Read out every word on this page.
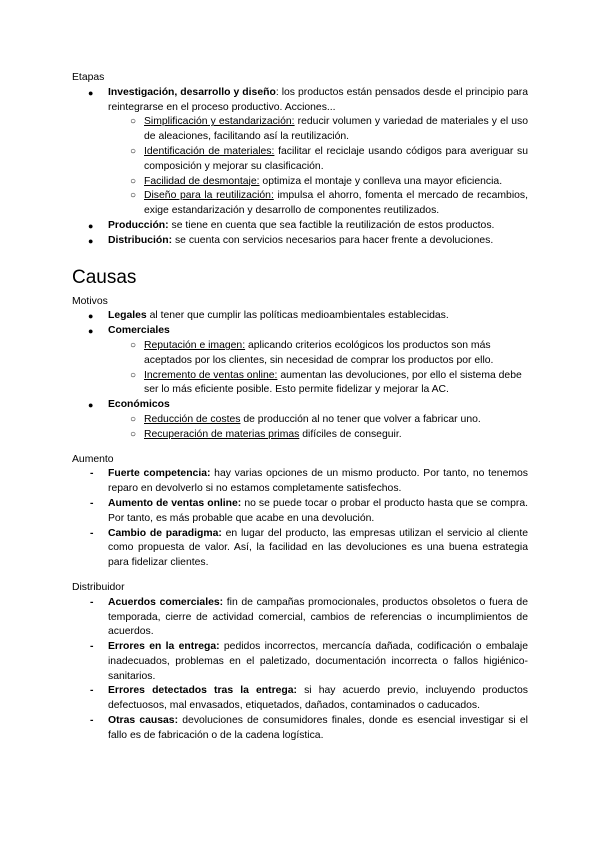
Etapas

● Investigación, desarrollo y diseño: los productos están pensados desde el principio para reintegrarse en el proceso productivo. Acciones...
○ Simplificación y estandarización: reducir volumen y variedad de materiales y el uso de aleaciones, facilitando así la reutilización.
○ Identificación de materiales: facilitar el reciclaje usando códigos para averiguar su composición y mejorar su clasificación.
○ Facilidad de desmontaje: optimiza el montaje y conlleva una mayor eficiencia.
○ Diseño para la reutilización: impulsa el ahorro, fomenta el mercado de recambios, exige estandarización y desarrollo de componentes reutilizados.
● Producción: se tiene en cuenta que sea factible la reutilización de estos productos.
● Distribución: se cuenta con servicios necesarios para hacer frente a devoluciones.
Causas

Motivos

● Legales al tener que cumplir las políticas medioambientales establecidas.
● Comerciales
○ Reputación e imagen: aplicando criterios ecológicos los productos son más aceptados por los clientes, sin necesidad de comprar los productos por ello.
○ Incremento de ventas online: aumentan las devoluciones, por ello el sistema debe ser lo más eficiente posible. Esto permite fidelizar y mejorar la AC.
● Económicos
○ Reducción de costes de producción al no tener que volver a fabricar uno.
○ Recuperación de materias primas difíciles de conseguir.

Aumento

- Fuerte competencia: hay varias opciones de un mismo producto. Por tanto, no tenemos reparo en devolverlo si no estamos completamente satisfechos.
- Aumento de ventas online: no se puede tocar o probar el producto hasta que se compra. Por tanto, es más probable que acabe en una devolución.
- Cambio de paradigma: en lugar del producto, las empresas utilizan el servicio al cliente como propuesta de valor. Así, la facilidad en las devoluciones es una buena estrategia para fidelizar clientes.

Distribuidor

- Acuerdos comerciales: fin de campañas promocionales, productos obsoletos o fuera de temporada, cierre de actividad comercial, cambios de referencias o incumplimientos de acuerdos.
- Errores en la entrega: pedidos incorrectos, mercancía dañada, codificación o embalaje inadecuados, problemas en el paletizado, documentación incorrecta o fallos higiénico-sanitarios.
- Errores detectados tras la entrega: si hay acuerdo previo, incluyendo productos defectuosos, mal envasados, etiquetados, dañados, contaminados o caducados.
- Otras causas: devoluciones de consumidores finales, donde es esencial investigar si el fallo es de fabricación o de la cadena logística.
